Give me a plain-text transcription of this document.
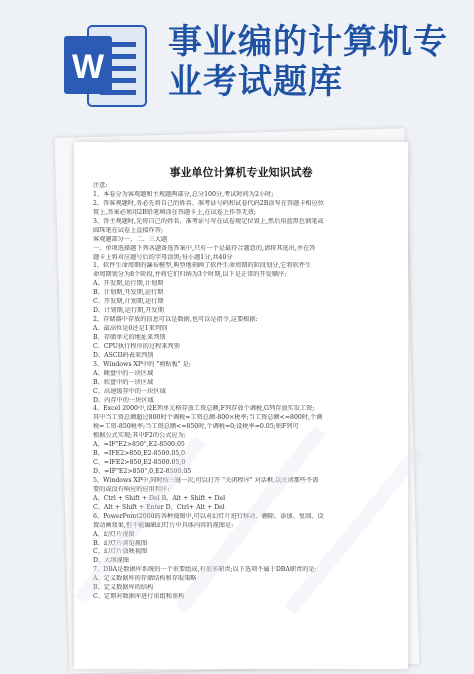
W
事业编的计算机专
业考试题库
事业单位计算机专业知识试卷
注意:
1、本卷分为客观题和主观题两部分,总分100分,考试时间为2小时;
2、答客观题时,务必先将自己的姓名、准考证号码和试卷代码2B涂写在答题卡相应位
置上,答案必须用2B铅笔填涂在答题卡上,在试卷上作答无效;
3、答主观题时,先将自己的姓名、准考证号写在试卷规定位置上,然后用蓝黑色钢笔或
圆珠笔在试卷上直接作答;
客观题部分一、二、三大题
一、单项选择题下列各题备选答案中,只有一个是最符合题意的,请将其选出,并在答
题卡上将对应题号后的字母涂黑;每小题1分,共40分
1、软件生命周期的瀑布模型,典型地刻画了软件生命周期的阶段划分,它将软件生
命周期划分为8个阶段,并将它们归纳为3个时期,以下是正常的开发顺序:
A、开发期,运行期,计划期
B、计划期,开发期,运行期
C、开发期,计划期,运行期
D、计划期,运行期,开发期
2、存储器中存放的信息可以是数据,也可以是指令,这要根据:
A、最高位是0还是1来判别
B、存储单元的地址来判别
C、CPU执行程序的过程来判别
D、ASCII码表来判别
3、Windows XP中的 "剪贴板" 是:
A、硬盘中的一块区域
B、软盘中的一块区域
C、高速缓存中的一块区域
D、内存中的一块区域
4、Excel 2000中,设E列单元格存放工资总额,F列存放个调税,G列存放实发工资;
其中当工资总额超过800时个调税=工资总额-800×税率;当工资总额<=800时,个调
税=工资-850税率;当工资总额<=850时,个调税=0;设税率=0.05;则F列可
根据公式实现;其中F2的公式应为:
A、=IF"E2>850",E2-8500.05
B、=IFE2>850,E2-8500.05,0
C、=IFE2>850,E2-8500.05,0
D、=IF"E2>850",0,E2-8500.05
5、Windows XP中,同时按三键一次,可以打开 "关闭程序" 对话框,以关闭那些不需
要的或没有响应的应用程序:
A、Ctrl + Shift + Del B、Alt + Shift + Del
C、Alt + Shift + Enter D、Ctrl+ Alt + Del
6、PowerPoint2000的各种视图中,可以对幻灯片进行移动、删除、添加、复制、设
置动画效果,但不能编辑幻灯片中具体内容的视图是:
A、幻灯片视图
B、幻灯片浏览视图
C、幻灯片放映视图
D、大纲视图
7、DBA是数据库系统的一个重要组成,有很多职责;以下选项不属于DBA职责的是:
A、定义数据库的存储结构和存取策略
B、定义数据库的结构
C、定期对数据库进行重组和重构
